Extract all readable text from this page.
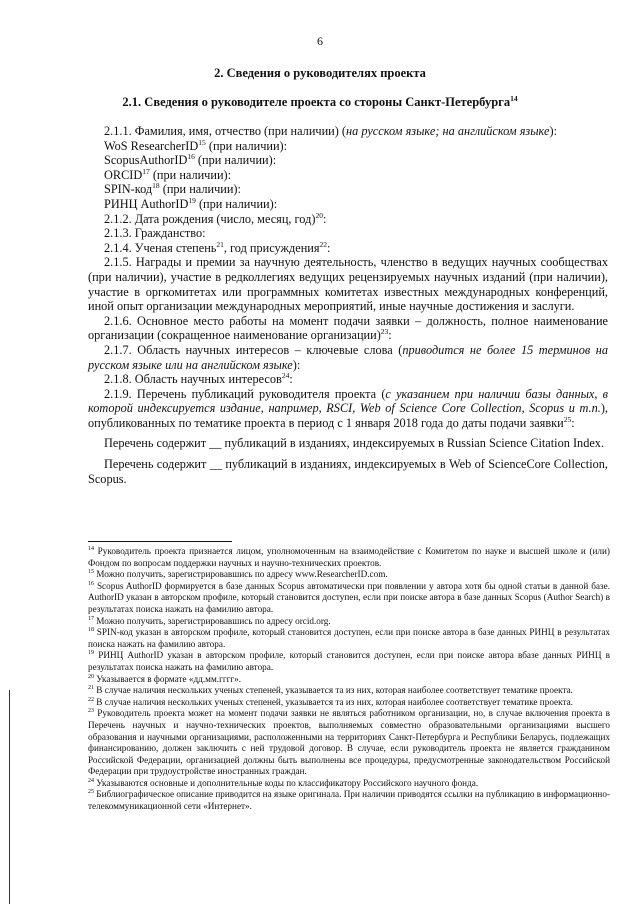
6
2. Сведения о руководителях проекта
2.1. Сведения о руководителе проекта со стороны Санкт-Петербурга$^{14}$

2.1.1. Фамилия, имя, отчество (при наличии) (на русском языке; на английском языке):

WoS ResearcherID$^{15}$ (при наличии):

ScopusAuthorID$^{16}$ (при наличии):

ORCID$^{17}$ (при наличии):

SPIN-код$^{18}$ (при наличии):

РИНЦ AuthorID$^{19}$ (при наличии):

2.1.2. Дата рождения (число, месяц, год)$^{20}$:

2.1.3. Гражданство:

2.1.4. Ученая степень$^{21}$, год присуждения$^{22}$:

2.1.5. Награды и премии за научную деятельность, членство в ведущих научных сообществах (при наличии), участие в редколлегиях ведущих рецензируемых научных изданий (при наличии), участие в оргкомитетах или программных комитетах известных международных конференций, иной опыт организации международных мероприятий, иные научные достижения и заслуги.

2.1.6. Основное место работы на момент подачи заявки – должность, полное наименование организации (сокращенное наименование организации)$^{23}$:

2.1.7. Область научных интересов – ключевые слова (приводится не более 15 терминов на русском языке или на английском языке):

2.1.8. Область научных интересов$^{24}$:

2.1.9. Перечень публикаций руководителя проекта (с указанием при наличии базы данных, в которой индексируется издание, например, RSCI, Web of Science Core Collection, Scopus и т.п.), опубликованных по тематике проекта в период с 1 января 2018 года до даты подачи заявки$^{25}$:

Перечень содержит __ публикаций в изданиях, индексируемых в Russian Science Citation Index.

Перечень содержит __ публикаций в изданиях, индексируемых в Web of ScienceCore Collection, Scopus.

$^{14}$ Руководитель проекта признается лицом, уполномоченным на взаимодействие с Комитетом по науке и высшей школе и (или) Фондом по вопросам поддержки научных и научно-технических проектов.

$^{15}$ Можно получить, зарегистрировавшись по адресу www.ResearcherID.com.

$^{16}$ Scopus AuthorID формируется в базе данных Scopus автоматически при появлении у автора хотя бы одной статьи в данной базе. AuthorID указан в авторском профиле, который становится доступен, если при поиске автора в базе данных Scopus (Author Search) в результатах поиска нажать на фамилию автора.

$^{17}$ Можно получить, зарегистрировавшись по адресу orcid.org.

$^{18}$ SPIN-код указан в авторском профиле, который становится доступен, если при поиске автора в базе данных РИНЦ в результатах поиска нажать на фамилию автора.

$^{19}$ РИНЦ AuthorID указан в авторском профиле, который становится доступен, если при поиске автора вбазе данных РИНЦ в результатах поиска нажать на фамилию автора.

$^{20}$ Указывается в формате «дд.мм.гггг».

$^{21}$ В случае наличия нескольких ученых степеней, указывается та из них, которая наиболее соответствует тематике проекта.

$^{22}$ В случае наличия нескольких ученых степеней, указывается та из них, которая наиболее соответствует тематике проекта.

$^{23}$ Руководитель проекта может на момент подачи заявки не являться работником организации, но, в случае включения проекта в Перечень научных и научно-технических проектов, выполняемых совместно образовательными организациями высшего образования и научными организациями, расположенными на территориях Санкт-Петербурга и Республики Беларусь, подлежащих финансированию, должен заключить с ней трудовой договор. В случае, если руководитель проекта не является гражданином Российской Федерации, организацией должны быть выполнены все процедуры, предусмотренные законодательством Российской Федерации при трудоустройстве иностранных граждан.

$^{24}$ Указываются основные и дополнительные коды по классификатору Российского научного фонда.

$^{25}$ Библиографическое описание приводится на языке оригинала. При наличии приводятся ссылки на публикацию в информационно-телекоммуникационной сети «Интернет».
